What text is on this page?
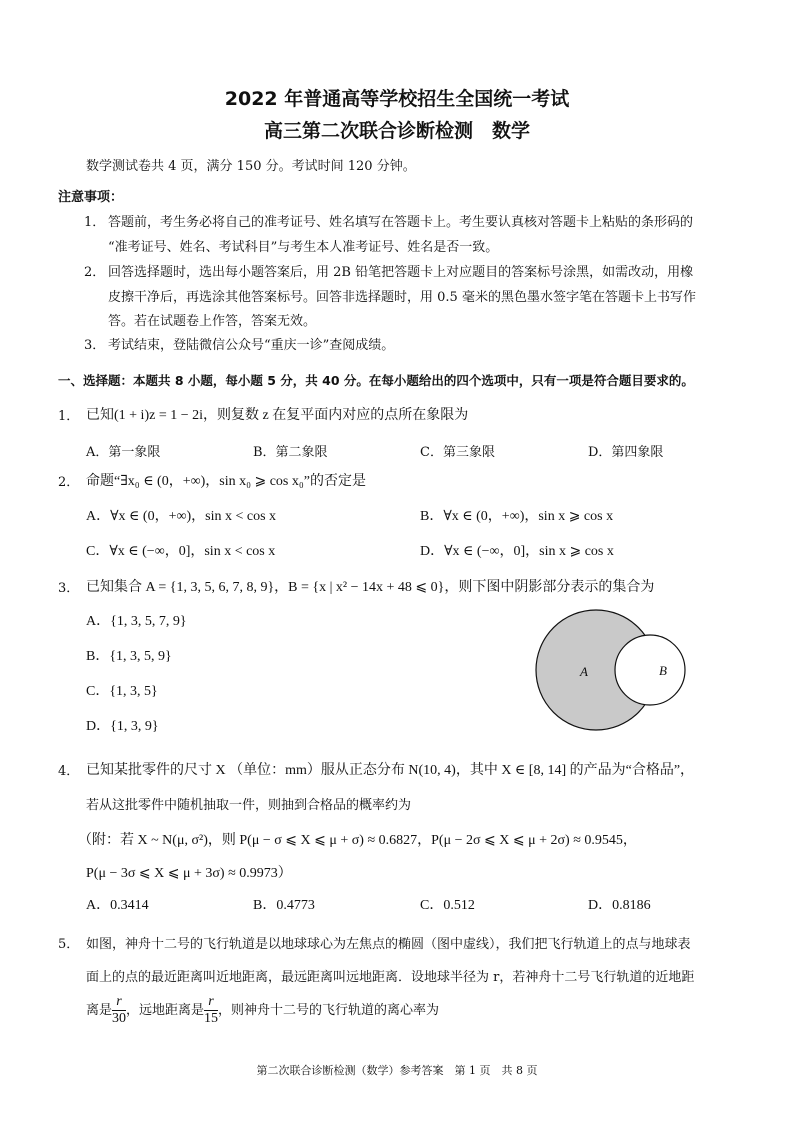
2022 年普通高等学校招生全国统一考试
高三第二次联合诊断检测　数学
数学测试卷共 4 页，满分 150 分。考试时间 120 分钟。
注意事项：
1． 答题前，考生务必将自己的准考证号、姓名填写在答题卡上。考生要认真核对答题卡上粘贴的条形码的
“准考证号、姓名、考试科目”与考生本人准考证号、姓名是否一致。
2． 回答选择题时，选出每小题答案后，用 2B 铅笔把答题卡上对应题目的答案标号涂黑，如需改动，用橡
皮擦干净后，再选涂其他答案标号。回答非选择题时，用 0.5 毫米的黑色墨水签字笔在答题卡上书写作
答。若在试题卷上作答，答案无效。
3． 考试结束，登陆微信公众号“重庆一诊”查阅成绩。
一、选择题：本题共 8 小题，每小题 5 分，共 40 分。在每小题给出的四个选项中，只有一项是符合题目要求的。
1． 已知(1 + i)z = 1 − 2i，则复数 z 在复平面内对应的点所在象限为
A．第一象限	B．第二象限	C．第三象限	D．第四象限
2． 命题“∃x₀ ∈ (0，+∞)，sin x₀ ⩾ cos x₀”的否定是
A．∀x ∈ (0，+∞)，sin x < cos x	B．∀x ∈ (0，+∞)，sin x ⩾ cos x
C．∀x ∈ (−∞，0]，sin x < cos x	D．∀x ∈ (−∞，0]，sin x ⩾ cos x
3． 已知集合 A = {1, 3, 5, 6, 7, 8, 9}，B = {x | x² − 14x + 48 ⩽ 0}，则下图中阴影部分表示的集合为
A．{1, 3, 5, 7, 9}
B．{1, 3, 5, 9}
C．{1, 3, 5}
D．{1, 3, 9}
A	B
4． 已知某批零件的尺寸 X （单位：mm）服从正态分布 N(10, 4)，其中 X ∈ [8, 14] 的产品为“合格品”，
若从这批零件中随机抽取一件，则抽到合格品的概率约为
（附：若 X ~ N(μ, σ²)，则 P(μ − σ ⩽ X ⩽ μ + σ) ≈ 0.6827，P(μ − 2σ ⩽ X ⩽ μ + 2σ) ≈ 0.9545，
P(μ − 3σ ⩽ X ⩽ μ + 3σ) ≈ 0.9973）
A．0.3414	B．0.4773	C．0.512	D．0.8186
5． 如图，神舟十二号的飞行轨道是以地球球心为左焦点的椭圆（图中虚线），我们把飞行轨道上的点与地球表
面上的点的最近距离叫近地距离，最远距离叫远地距离．设地球半径为 r，若神舟十二号飞行轨道的近地距
离是 $\frac{r}{30}$ ，远地距离是 $\frac{r}{15}$ ，则神舟十二号的飞行轨道的离心率为
第二次联合诊断检测（数学）参考答案　第 1 页　共 8 页
